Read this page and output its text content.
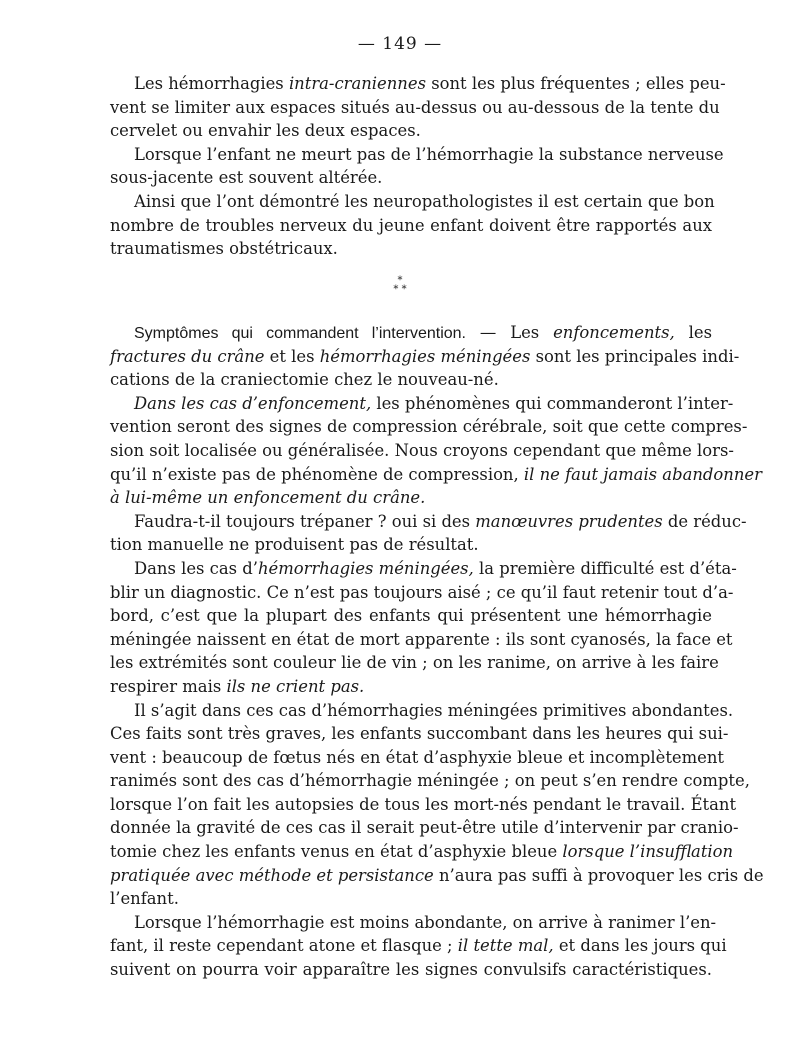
— 149 —
Les hémorrhagies intra-craniennes sont les plus fréquentes ; elles peu-
vent se limiter aux espaces situés au-dessus ou au-dessous de la tente du
cervelet ou envahir les deux espaces.
Lorsque l’enfant ne meurt pas de l’hémorrhagie la substance nerveuse
sous-jacente est souvent altérée.
Ainsi que l’ont démontré les neuropathologistes il est certain que bon
nombre de troubles nerveux du jeune enfant doivent être rapportés aux
traumatismes obstétricaux.
*
* *
Symptômes qui commandent l’intervention. — Les enfoncements, les
fractures du crâne et les hémorrhagies méningées sont les principales indi-
cations de la craniectomie chez le nouveau-né.
Dans les cas d’enfoncement, les phénomènes qui commanderont l’inter-
vention seront des signes de compression cérébrale, soit que cette compres-
sion soit localisée ou généralisée. Nous croyons cependant que même lors-
qu’il n’existe pas de phénomène de compression, il ne faut jamais abandonner
à lui-même un enfoncement du crâne.
Faudra-t-il toujours trépaner ? oui si des manœuvres prudentes de réduc-
tion manuelle ne produisent pas de résultat.
Dans les cas d’hémorrhagies méningées, la première difficulté est d’éta-
blir un diagnostic. Ce n’est pas toujours aisé ; ce qu’il faut retenir tout d’a-
bord, c’est que la plupart des enfants qui présentent une hémorrhagie
méningée naissent en état de mort apparente : ils sont cyanosés, la face et
les extrémités sont couleur lie de vin ; on les ranime, on arrive à les faire
respirer mais ils ne crient pas.
Il s’agit dans ces cas d’hémorrhagies méningées primitives abondantes.
Ces faits sont très graves, les enfants succombant dans les heures qui sui-
vent : beaucoup de fœtus nés en état d’asphyxie bleue et incomplètement
ranimés sont des cas d’hémorrhagie méningée ; on peut s’en rendre compte,
lorsque l’on fait les autopsies de tous les mort-nés pendant le travail. Étant
donnée la gravité de ces cas il serait peut-être utile d’intervenir par cranio-
tomie chez les enfants venus en état d’asphyxie bleue lorsque l’insufflation
pratiquée avec méthode et persistance n’aura pas suffi à provoquer les cris de
l’enfant.
Lorsque l’hémorrhagie est moins abondante, on arrive à ranimer l’en-
fant, il reste cependant atone et flasque ; il tette mal, et dans les jours qui
suivent on pourra voir apparaître les signes convulsifs caractéristiques.
